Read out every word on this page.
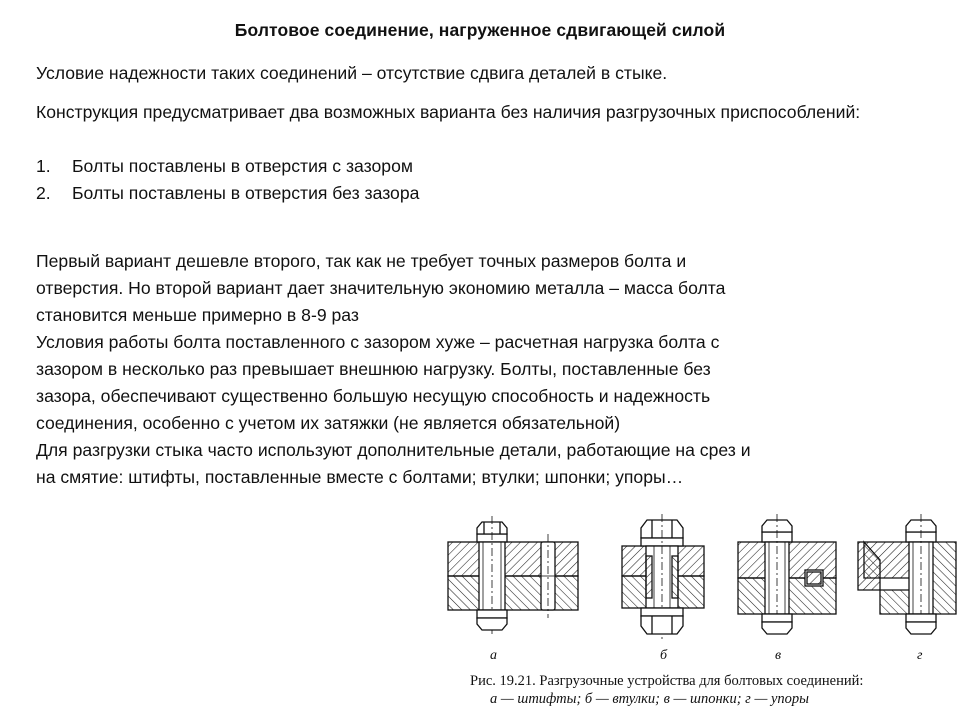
Болтовое соединение, нагруженное сдвигающей силой
Условие надежности таких соединений – отсутствие сдвига деталей в стыке.
Конструкция предусматривает два возможных варианта без наличия разгрузочных приспособлений:
1.	Болты поставлены в отверстия с зазором
2.	Болты поставлены в отверстия без зазора
Первый вариант дешевле второго, так как не требует точных размеров болта и
отверстия. Но второй вариант дает значительную экономию металла – масса болта
становится меньше примерно в 8-9 раз
Условия работы болта поставленного с зазором хуже – расчетная нагрузка болта с
зазором в несколько раз превышает внешнюю нагрузку. Болты, поставленные без
зазора, обеспечивают существенно большую несущую способность и надежность
соединения, особенно с учетом их затяжки (не является обязательной)
Для разгрузки стыка часто используют дополнительные детали, работающие на срез и
на смятие: штифты, поставленные вместе с болтами; втулки; шпонки; упоры…
а	б	в	г
Рис. 19.21. Разгрузочные устройства для болтовых соединений:
а — штифты; б — втулки; в — шпонки; г — упоры
